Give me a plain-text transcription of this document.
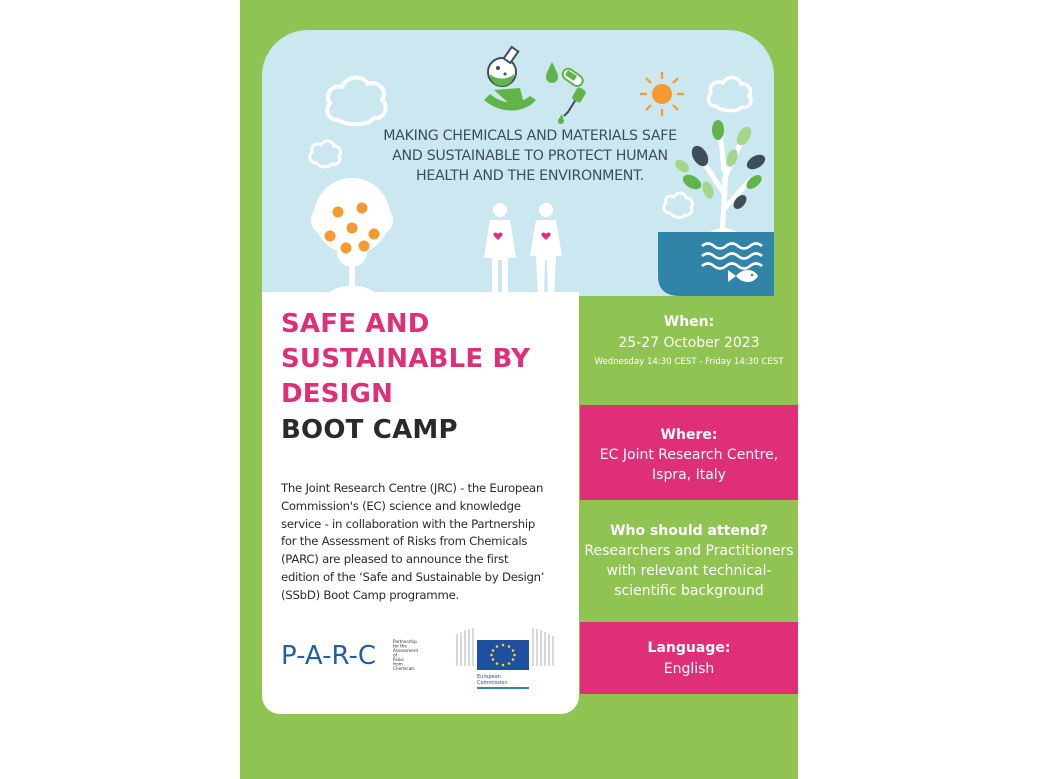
MAKING CHEMICALS AND MATERIALS SAFE
AND SUSTAINABLE TO PROTECT HUMAN
HEALTH AND THE ENVIRONMENT.
SAFE AND
SUSTAINABLE BY
DESIGN
BOOT CAMP
The Joint Research Centre (JRC) - the European
Commission's (EC) science and knowledge
service - in collaboration with the Partnership
for the Assessment of Risks from Chemicals
(PARC) are pleased to announce the first
edition of the ‘Safe and Sustainable by Design’
(SSbD) Boot Camp programme.
P-A-R-C	Partnership
for the
Assessment
of
Risks
from
Chemicals
European
Commission
When:
25-27 October 2023
Wednesday 14:30 CEST - Friday 14:30 CEST
Where:
EC Joint Research Centre,
Ispra, Italy
Who should attend?
Researchers and Practitioners
with relevant technical-
scientific background
Language:
English
